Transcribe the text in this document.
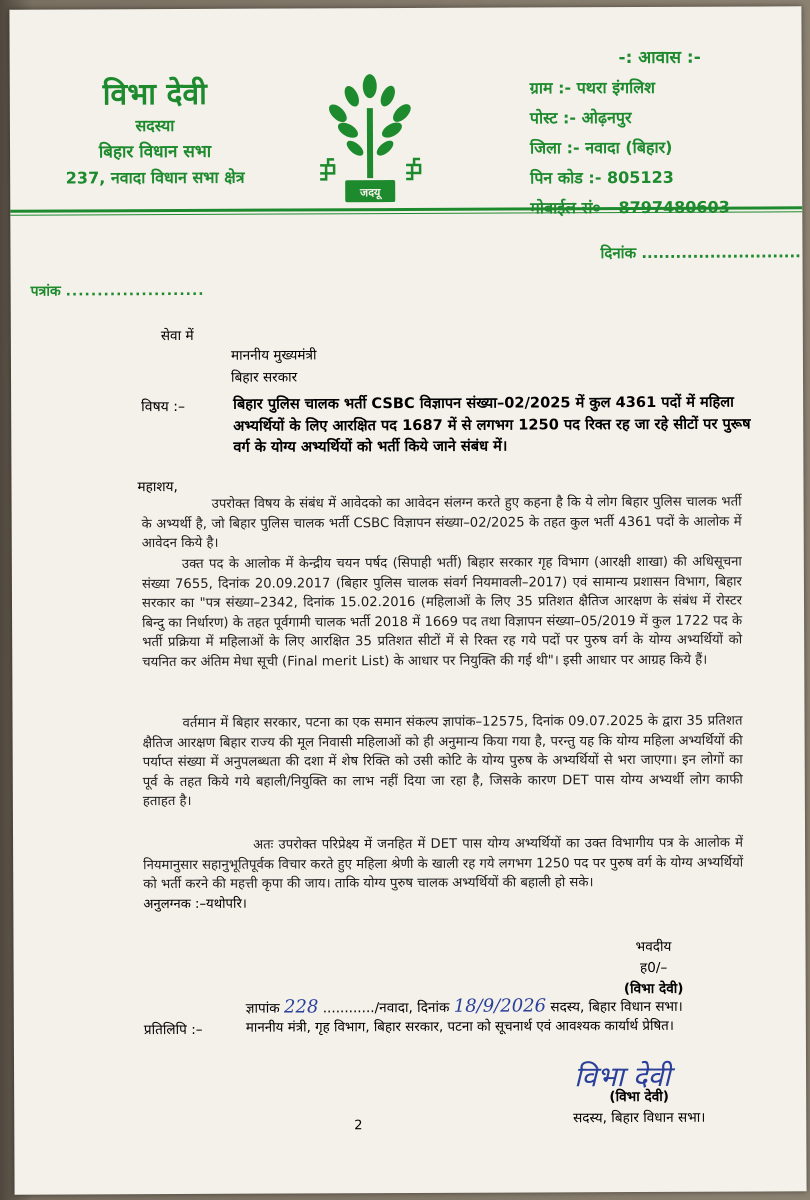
विभा देवी
सदस्या
बिहार विधान सभा
237, नवादा विधान सभा क्षेत्र
जदयू
-: आवास :-
ग्राम :- पथरा इंगलिश
पोस्ट :- ओढ़नपुर
जिला :- नवादा (बिहार)
पिन कोड :- 805123
दिनांक ............................
पत्रांक ......................
सेवा में
माननीय मुख्यमंत्री
बिहार सरकार
विषय :–	बिहार पुलिस चालक भर्ती CSBC विज्ञापन संख्या–02/2025 में कुल 4361 पदों में महिला अभ्यर्थियों के लिए आरक्षित पद 1687 में से लगभग 1250 पद रिक्त रह जा रहे सीटों पर पुरूष वर्ग के योग्य अभ्यर्थियों को भर्ती किये जाने संबंध में।
महाशय,
उपरोक्त विषय के संबंध में आवेदको का आवेदन संलग्न करते हुए कहना है कि ये लोग बिहार पुलिस चालक भर्ती के अभ्यर्थी है, जो बिहार पुलिस चालक भर्ती CSBC विज्ञापन संख्या–02/2025 के तहत कुल भर्ती 4361 पदों के आलोक में आवेदन किये है।
उक्त पद के आलोक में केन्द्रीय चयन पर्षद (सिपाही भर्ती) बिहार सरकार गृह विभाग (आरक्षी शाखा) की अधिसूचना संख्या 7655, दिनांक 20.09.2017 (बिहार पुलिस चालक संवर्ग नियमावली–2017) एवं सामान्य प्रशासन विभाग, बिहार सरकार का "पत्र संख्या–2342, दिनांक 15.02.2016 (महिलाओं के लिए 35 प्रतिशत क्षैतिज आरक्षण के संबंध में रोस्टर बिन्दु का निर्धारण) के तहत पूर्वगामी चालक भर्ती 2018 में 1669 पद तथा विज्ञापन संख्या–05/2019 में कुल 1722 पद के भर्ती प्रक्रिया में महिलाओं के लिए आरक्षित 35 प्रतिशत सीटों में से रिक्त रह गये पदों पर पुरुष वर्ग के योग्य अभ्यर्थियों को चयनित कर अंतिम मेधा सूची (Final merit List) के आधार पर नियुक्ति की गई थी"। इसी आधार पर आग्रह किये हैं।
वर्तमान में बिहार सरकार, पटना का एक समान संकल्प ज्ञापांक–12575, दिनांक 09.07.2025 के द्वारा 35 प्रतिशत क्षैतिज आरक्षण बिहार राज्य की मूल निवासी महिलाओं को ही अनुमान्य किया गया है, परन्तु यह कि योग्य महिला अभ्यर्थियों की पर्याप्त संख्या में अनुपलब्धता की दशा में शेष रिक्ति को उसी कोटि के योग्य पुरुष के अभ्यर्थियों से भरा जाएगा। इन लोगों का पूर्व के तहत किये गये बहाली/नियुक्ति का लाभ नहीं दिया जा रहा है, जिसके कारण DET पास योग्य अभ्यर्थी लोग काफी हताहत है।
अतः उपरोक्त परिप्रेक्ष्य में जनहित में DET पास योग्य अभ्यर्थियों का उक्त विभागीय पत्र के आलोक में नियमानुसार सहानुभूतिपूर्वक विचार करते हुए महिला श्रेणी के खाली रह गये लगभग 1250 पद पर पुरुष वर्ग के योग्य अभ्यर्थियों को भर्ती करने की महत्ती कृपा की जाय। ताकि योग्य पुरुष चालक अभ्यर्थियों की बहाली हो सके।
अनुलग्नक :–यथोपरि।
भवदीय
ह0/–
(विभा देवी)
ज्ञापांक 228 ............/नवादा, दिनांक 18/9/2026 सदस्य, बिहार विधान सभा।
प्रतिलिपि :–	माननीय मंत्री, गृह विभाग, बिहार सरकार, पटना को सूचनार्थ एवं आवश्यक कार्यार्थ प्रेषित।
विभा देवी
(विभा देवी)
सदस्य, बिहार विधान सभा।
2
